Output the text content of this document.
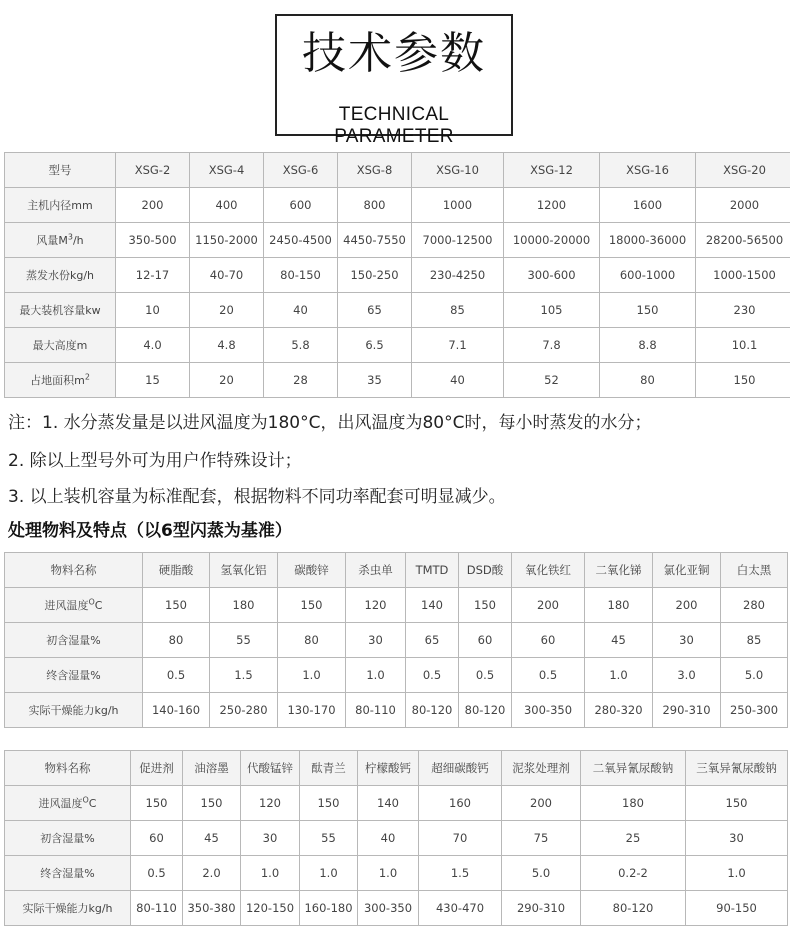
技术参数
TECHNICAL PARAMETER
型号	XSG-2	XSG-4	XSG-6	XSG-8	XSG-10	XSG-12	XSG-16	XSG-20
主机内径mm	200	400	600	800	1000	1200	1600	2000
风量$M^3/h$	350-500	1150-2000	2450-4500	4450-7550	7000-12500	10000-20000	18000-36000	28200-56500
蒸发水份kg/h	12-17	40-70	80-150	150-250	230-4250	300-600	600-1000	1000-1500
最大装机容量kw	10	20	40	65	85	105	150	230
最大高度m	4.0	4.8	5.8	6.5	7.1	7.8	8.8	10.1
占地面积$m^2$	15	20	28	35	40	52	80	150
注：1. 水分蒸发量是以进风温度为180°C，出风温度为80°C时，每小时蒸发的水分；
2. 除以上型号外可为用户作特殊设计；
3. 以上装机容量为标准配套，根据物料不同功率配套可明显减少。
处理物料及特点（以6型闪蒸为基准）
物料名称	硬脂酸	氢氧化铝	碳酸锌	杀虫单	TMTD	DSD酸	氧化铁红	二氧化锑	氯化亚铜	白太黑
进风温度$^O$C	150	180	150	120	140	150	200	180	200	280
初含湿量%	80	55	80	30	65	60	60	45	30	85
终含湿量%	0.5	1.5	1.0	1.0	0.5	0.5	0.5	1.0	3.0	5.0
实际干燥能力kg/h	140-160	250-280	130-170	80-110	80-120	80-120	300-350	280-320	290-310	250-300
物料名称	促进剂	油溶墨	代酸锰锌	酞青兰	柠檬酸钙	超细碳酸钙	泥浆处理剂	二氧异氰尿酸钠	三氧异氰尿酸钠
进风温度$^O$C	150	150	120	150	140	160	200	180	150
初含湿量%	60	45	30	55	40	70	75	25	30
终含湿量%	0.5	2.0	1.0	1.0	1.0	1.5	5.0	0.2-2	1.0
实际干燥能力kg/h	80-110	350-380	120-150	160-180	300-350	430-470	290-310	80-120	90-150
